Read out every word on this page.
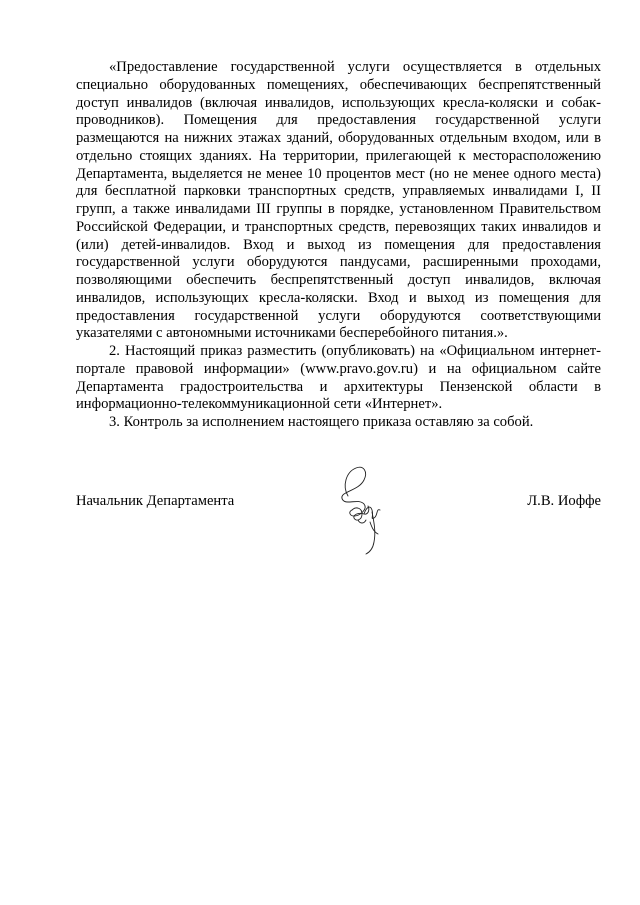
«Предоставление государственной услуги осуществляется в отдельных специально оборудованных помещениях, обеспечивающих беспрепятственный доступ инвалидов (включая инвалидов, использующих кресла-коляски и собак-проводников). Помещения для предоставления государственной услуги размещаются на нижних этажах зданий, оборудованных отдельным входом, или в отдельно стоящих зданиях. На территории, прилегающей к месторасположению Департамента, выделяется не менее 10 процентов мест (но не менее одного места) для бесплатной парковки транспортных средств, управляемых инвалидами I, II групп, а также инвалидами III группы в порядке, установленном Правительством Российской Федерации, и транспортных средств, перевозящих таких инвалидов и (или) детей-инвалидов. Вход и выход из помещения для предоставления государственной услуги оборудуются пандусами, расширенными проходами, позволяющими обеспечить беспрепятственный доступ инвалидов, включая инвалидов, использующих кресла-коляски. Вход и выход из помещения для предоставления государственной услуги оборудуются соответствующими указателями с автономными источниками бесперебойного питания.».

2. Настоящий приказ разместить (опубликовать) на «Официальном интернет-портале правовой информации» (www.pravo.gov.ru) и на официальном сайте Департамента градостроительства и архитектуры Пензенской области в информационно-телекоммуникационной сети «Интернет».

3. Контроль за исполнением настоящего приказа оставляю за собой.

Начальник Департамента	Л.В. Иоффе
